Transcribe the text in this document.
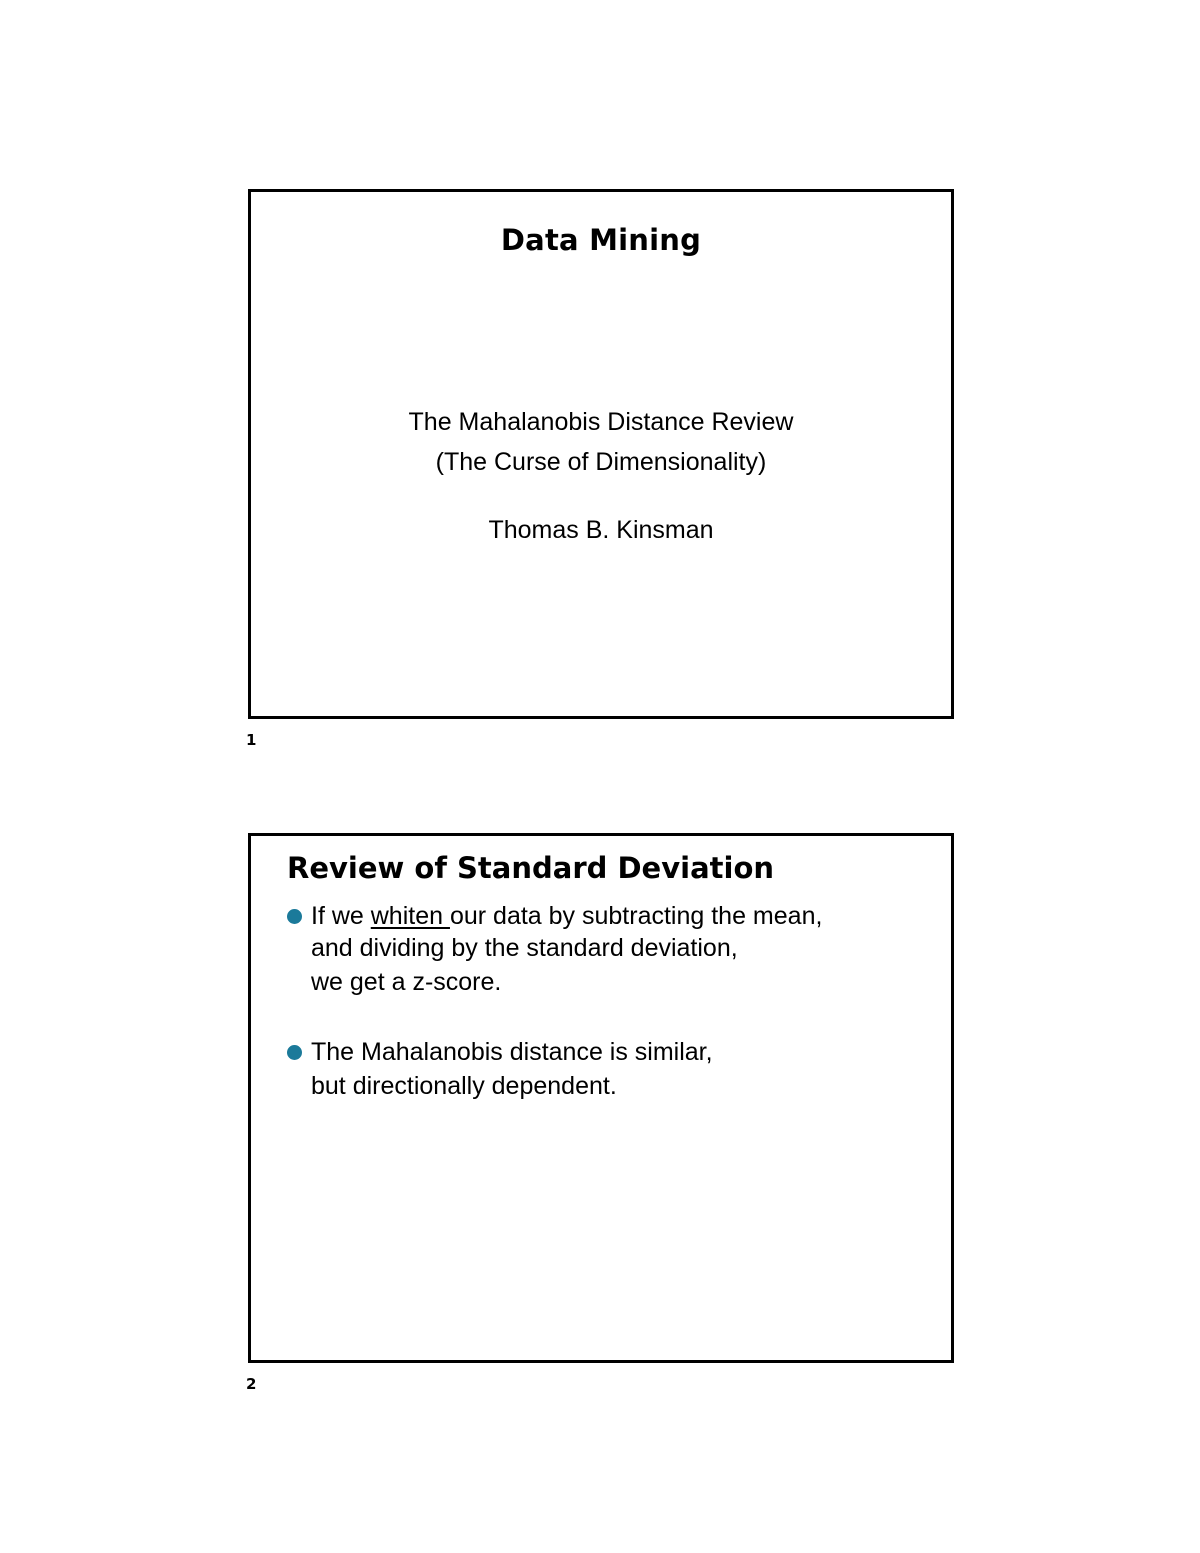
Data Mining
The Mahalanobis Distance Review
(The Curse of Dimensionality)
Thomas B. Kinsman
1
Review of Standard Deviation
If we whiten our data by subtracting the mean,
and dividing by the standard deviation,
we get a z-score.
The Mahalanobis distance is similar,
but directionally dependent.
2
